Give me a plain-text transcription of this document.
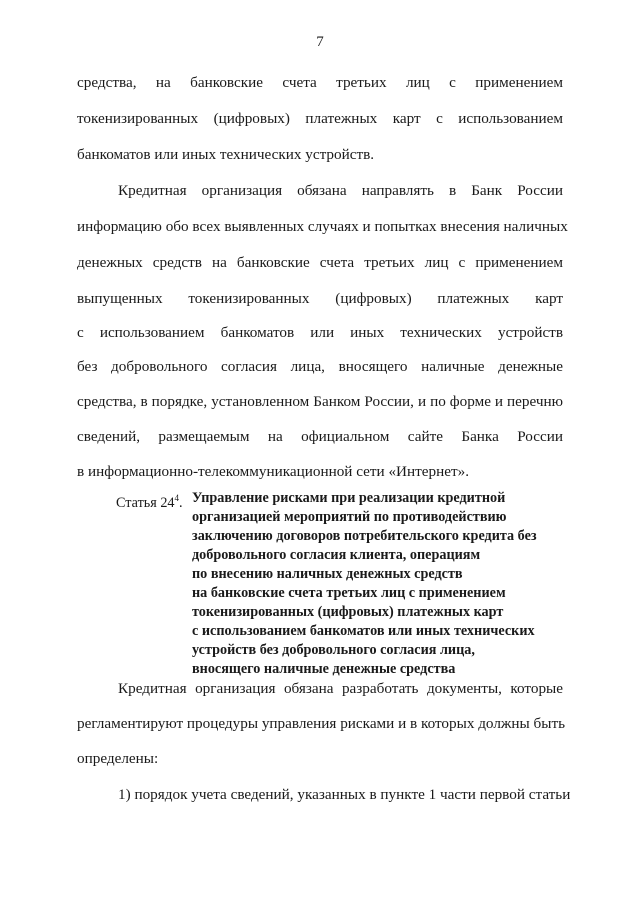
7
средства, на банковские счета третьих лиц с применением
токенизированных (цифровых) платежных карт с использованием
банкоматов или иных технических устройств.
Кредитная организация обязана направлять в Банк России
информацию обо всех выявленных случаях и попытках внесения наличных
денежных средств на банковские счета третьих лиц с применением
выпущенных токенизированных (цифровых) платежных карт
с использованием банкоматов или иных технических устройств
без добровольного согласия лица, вносящего наличные денежные
средства, в порядке, установленном Банком России, и по форме и перечню
сведений, размещаемым на официальном сайте Банка России
в информационно-телекоммуникационной сети «Интернет».
Статья $24^4$. Управление рисками при реализации кредитной
организацией мероприятий по противодействию
заключению договоров потребительского кредита без
добровольного согласия клиента, операциям
по внесению наличных денежных средств
на банковские счета третьих лиц с применением
токенизированных (цифровых) платежных карт
с использованием банкоматов или иных технических
устройств без добровольного согласия лица,
вносящего наличные денежные средства
Кредитная организация обязана разработать документы, которые
регламентируют процедуры управления рисками и в которых должны быть
определены:
1) порядок учета сведений, указанных в пункте 1 части первой статьи
